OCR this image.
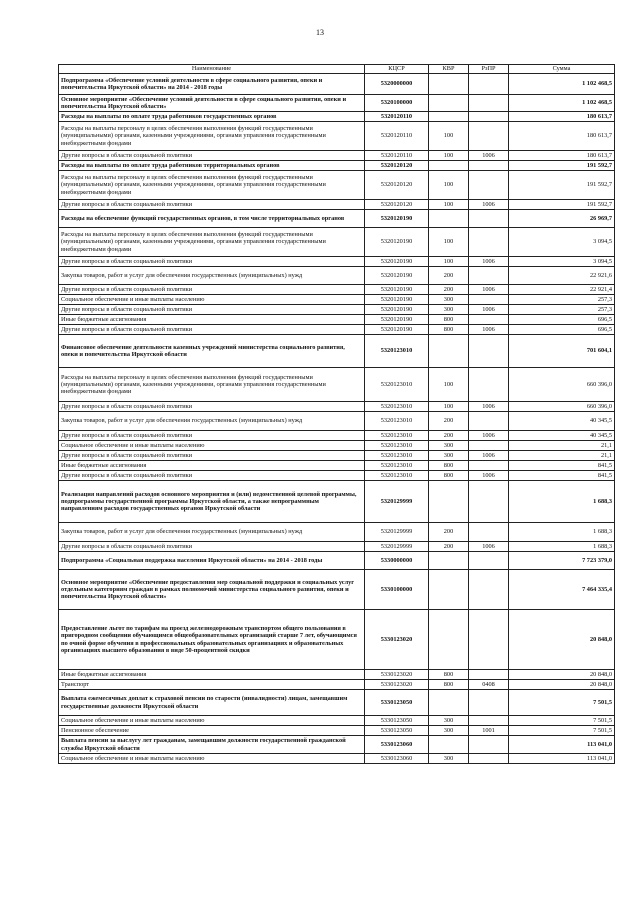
13
Наименование	КЦСР	КВР	РзПР	Сумма
Подпрограмма «Обеспечение условий деятельности в сфере социального развития, опеки и попечительства Иркутской области» на 2014 - 2018 годы	5320000000			1 102 468,5
Основное мероприятие «Обеспечение условий деятельности в сфере социального развития, опеки и попечительства Иркутской области»	5320100000			1 102 468,5
Расходы на выплаты по оплате труда работников государственных органов	5320120110			180 613,7
Расходы на выплаты персоналу в целях обеспечения выполнения функций государственными (муниципальными) органами, казенными учреждениями, органами управления государственными внебюджетными фондами	5320120110	100		180 613,7
Другие вопросы в области социальной политики	5320120110	100	1006	180 613,7
Расходы на выплаты по оплате труда работников территориальных органов	5320120120			191 592,7
Расходы на выплаты персоналу в целях обеспечения выполнения функций государственными (муниципальными) органами, казенными учреждениями, органами управления государственными внебюджетными фондами	5320120120	100		191 592,7
Другие вопросы в области социальной политики	5320120120	100	1006	191 592,7
Расходы на обеспечение функций государственных органов, в том числе территориальных органов	5320120190			26 969,7
Расходы на выплаты персоналу в целях обеспечения выполнения функций государственными (муниципальными) органами, казенными учреждениями, органами управления государственными внебюджетными фондами	5320120190	100		3 094,5
Другие вопросы в области социальной политики	5320120190	100	1006	3 094,5
Закупка товаров, работ и услуг для обеспечения государственных (муниципальных) нужд	5320120190	200		22 921,6
Другие вопросы в области социальной политики	5320120190	200	1006	22 921,4
Социальное обеспечение и иные выплаты населению	5320120190	300		257,3
Другие вопросы в области социальной политики	5320120190	300	1006	257,3
Иные бюджетные ассигнования	5320120190	800		696,5
Другие вопросы в области социальной политики	5320120190	800	1006	696,5
Финансовое обеспечение деятельности казенных учреждений министерства социального развития, опеки и попечительства Иркутской области	5320123010			701 604,1
Расходы на выплаты персоналу в целях обеспечения выполнения функций государственными (муниципальными) органами, казенными учреждениями, органами управления государственными внебюджетными фондами	5320123010	100		660 396,0
Другие вопросы в области социальной политики	5320123010	100	1006	660 396,0
Закупка товаров, работ и услуг для обеспечения государственных (муниципальных) нужд	5320123010	200		40 345,5
Другие вопросы в области социальной политики	5320123010	200	1006	40 345,5
Социальное обеспечение и иные выплаты населению	5320123010	300		21,1
Другие вопросы в области социальной политики	5320123010	300	1006	21,1
Иные бюджетные ассигнования	5320123010	800		841,5
Другие вопросы в области социальной политики	5320123010	800	1006	841,5
Реализация направлений расходов основного мероприятия и (или) ведомственной целевой программы, подпрограммы государственной программы Иркутской области, а также непрограммным направлениям расходов государственных органов Иркутской области	5320129999			1 688,3
Закупка товаров, работ и услуг для обеспечения государственных (муниципальных) нужд	5320129999	200		1 688,3
Другие вопросы в области социальной политики	5320129999	200	1006	1 688,3
Подпрограмма «Социальная поддержка населения Иркутской области» на 2014 - 2018 годы	5330000000			7 723 379,0
Основное мероприятие «Обеспечение предоставления мер социальной поддержки и социальных услуг отдельным категориям граждан в рамках полномочий министерства социального развития, опеки и попечительства Иркутской области»	5330100000			7 464 335,4
Предоставление льгот по тарифам на проезд железнодорожным транспортом общего пользования в пригородном сообщении обучающимся общеобразовательных организаций старше 7 лет, обучающимся по очной форме обучения в профессиональных образовательных организациях и образовательных организациях высшего образования в виде 50-процентной скидки	5330123020			20 848,0
Иные бюджетные ассигнования	5330123020	800		20 848,0
Транспорт	5330123020	800	0408	20 848,0
Выплата ежемесячных доплат к страховой пенсии по старости (инвалидности) лицам, замещавшим государственные должности Иркутской области	5330123050			7 501,5
Социальное обеспечение и иные выплаты населению	5330123050	300		7 501,5
Пенсионное обеспечение	5330123050	300	1001	7 501,5
Выплата пенсии за выслугу лет гражданам, замещавшим должности государственной гражданской службы Иркутской области	5330123060			113 041,0
Социальное обеспечение и иные выплаты населению	5330123060	300		113 041,0
